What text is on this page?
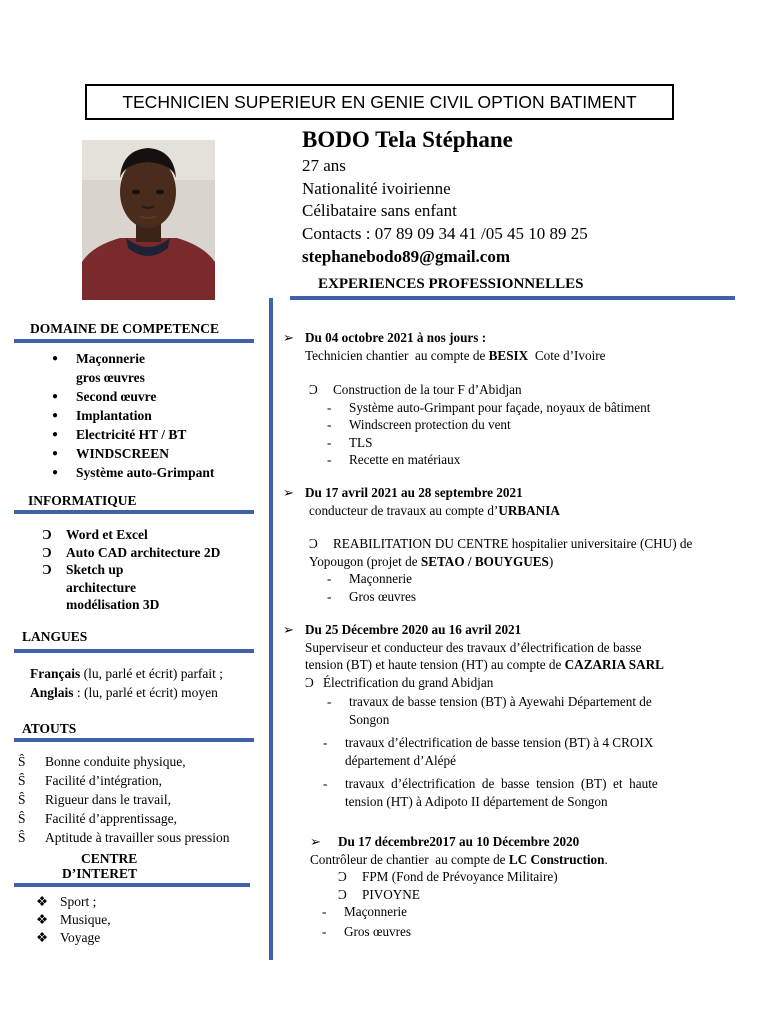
TECHNICIEN SUPERIEUR EN GENIE CIVIL OPTION BATIMENT
BODO Tela Stéphane
27 ans
Nationalité ivoirienne
Célibataire sans enfant
Contacts : 07 89 09 34 41 /05 45 10 89 25
stephanebodo89@gmail.com
EXPERIENCES PROFESSIONNELLES
DOMAINE DE COMPETENCE
●	Maçonnerie
gros œuvres
●	Second œuvre
●	Implantation
●	Electricité HT / BT
●	WINDSCREEN
●	Système auto-Grimpant
INFORMATIQUE
Ͻ	Word et Excel
Ͻ	Auto CAD architecture 2D
Ͻ	Sketch up
architecture
modélisation 3D
LANGUES
Français (lu, parlé et écrit) parfait ;
Anglais : (lu, parlé et écrit) moyen
ATOUTS
Ŝ	Bonne conduite physique,
Ŝ	Facilité d’intégration,
Ŝ	Rigueur dans le travail,
Ŝ	Facilité d’apprentissage,
Ŝ	Aptitude à travailler sous pression
CENTRE
D’INTERET
❖ Sport ;
❖ Musique,
❖ Voyage
➢ Du 04 octobre 2021 à nos jours :
Technicien chantier  au compte de BESIX  Cote d’Ivoire
Ͻ Construction de la tour F d’Abidjan
- Système auto-Grimpant pour façade, noyaux de bâtiment
- Windscreen protection du vent
- TLS
- Recette en matériaux
➢ Du 17 avril 2021 au 28 septembre 2021
conducteur de travaux au compte d’URBANIA
Ͻ REABILITATION DU CENTRE hospitalier universitaire (CHU) de
Yopougon (projet de SETAO / BOUYGUES)
- Maçonnerie
- Gros œuvres
➢ Du 25 Décembre 2020 au 16 avril 2021
Superviseur et conducteur des travaux d’électrification de basse
tension (BT) et haute tension (HT) au compte de CAZARIA SARL
Ͻ Électrification du grand Abidjan
- travaux de basse tension (BT) à Ayewahi Département de
Songon
- travaux d’électrification de basse tension (BT) à 4 CROIX
département d’Alépé
- travaux  d’électrification  de  basse  tension  (BT)  et  haute
tension (HT) à Adipoto II département de Songon
➢ Du 17 décembre2017 au 10 Décembre 2020
Contrôleur de chantier  au compte de LC Construction.
Ͻ FPM (Fond de Prévoyance Militaire)
Ͻ PIVOYNE
- Maçonnerie
- Gros œuvres
